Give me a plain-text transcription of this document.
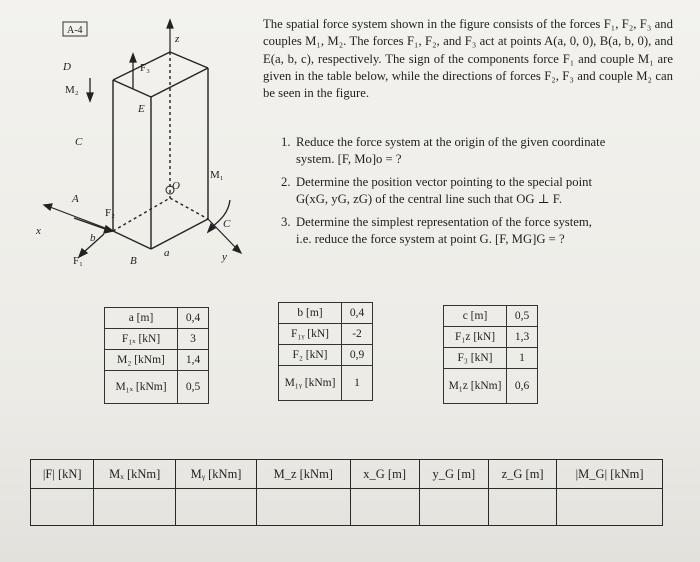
A-4
D
M₂
C
A
x
b
F₁	B
a	y
E
F₃
z
O
F₂
M₁
C
The spatial force system shown in the figure consists of the forces F₁, F₂, F₃ and couples M₁, M₂. The forces F₁, F₂, and F₃ act at points A(a, 0, 0), B(a, b, 0), and E(a, b, c), respectively. The sign of the components force F₁ and couple M₁ are given in the table below, while the directions of forces F₂, F₃ and couple M₂ can be seen in the figure.
1. Reduce the force system at the origin of the given coordinate
system. [F, Mo]o = ?
2. Determine the position vector pointing to the special point
G(xG, yG, zG) of the central line such that OG ⊥ F.
3. Determine the simplest representation of the force system,
i.e. reduce the force system at point G. [F, MG]G = ?
a [m]	0,4
F₁ₓ [kN]	3
M₂ [kNm]	1,4
M₁ₓ [kNm]	0,5
b [m]	0,4
F₁ᵧ [kN]	-2
F₂ [kN]	0,9
M₁ᵧ [kNm]	1
c [m]	0,5
F₁z [kN]	1,3
F₃ [kN]	1
M₁z [kNm]	0,6
|F| [kN]	Mₓ [kNm]	Mᵧ [kNm]	M_z [kNm]	x_G [m]	y_G [m]	z_G [m]	|M_G| [kNm]
